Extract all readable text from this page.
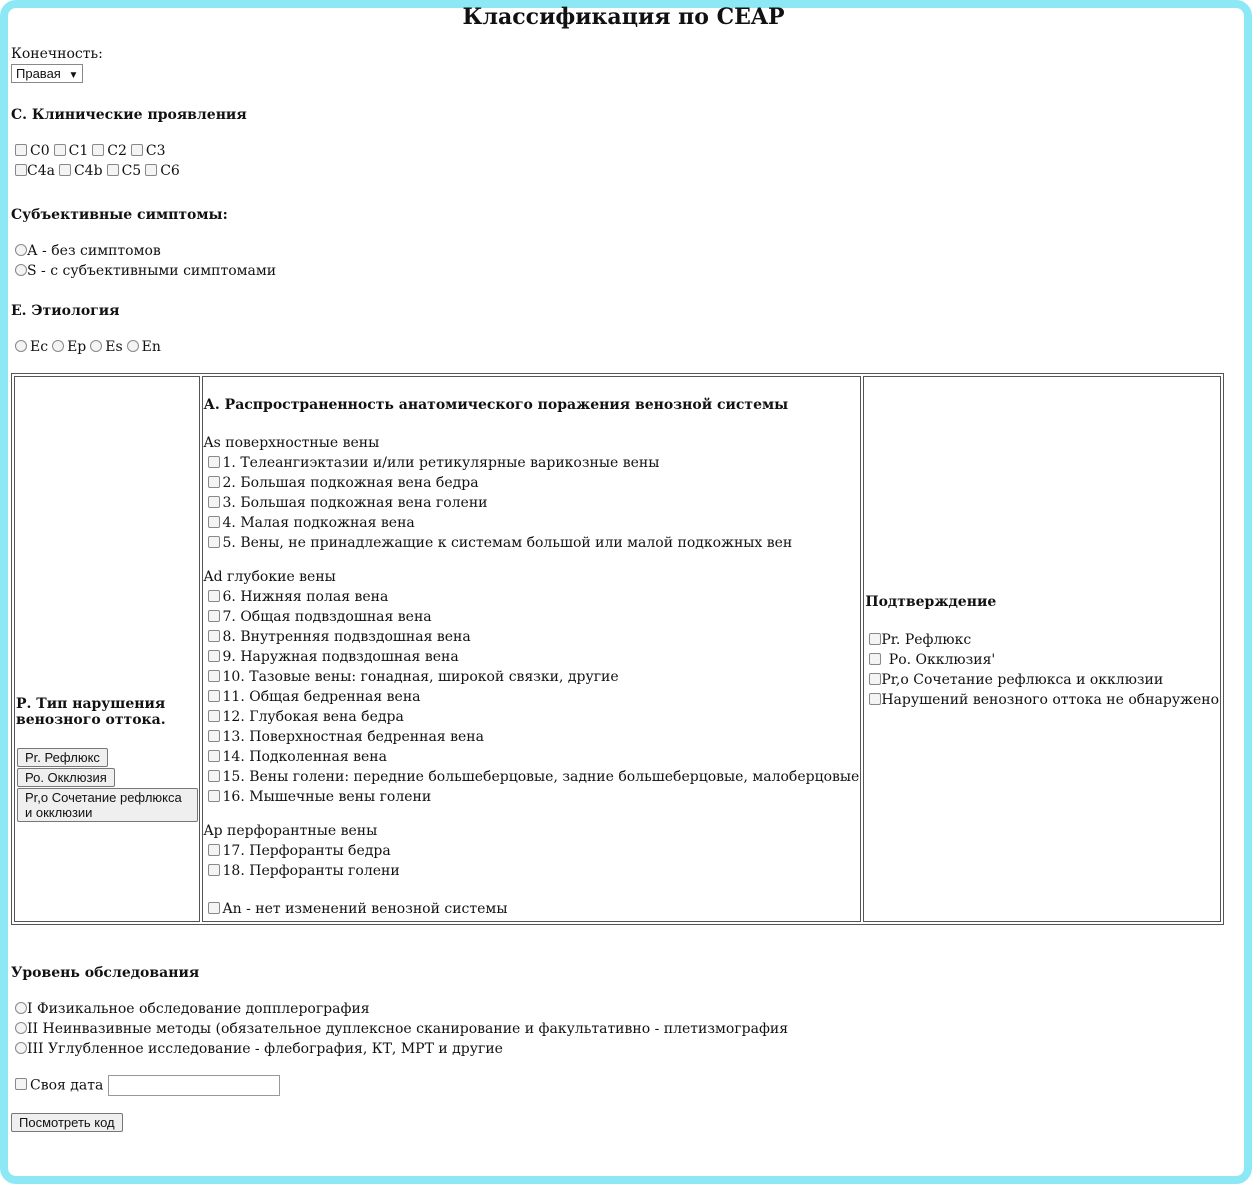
Классификация по CEAP
Конечность:
Правая ▼
С. Клинические проявления
С0 С1 С2 С3
С4a С4b С5 С6
Субъективные симптомы:
А - без симптомов
S - с субъективными симптомами
Е. Этиология
Ec Ep Es En
Р. Тип нарушения венозного оттока.
Pr. Рефлюкс
Ро. Окклюзия
Pr,o Сочетание рефлюкса и окклюзии

А. Распространенность анатомического поражения венозной системы
As поверхностные вены
1. Телеангиэктазии и/или ретикулярные варикозные вены
2. Большая подкожная вена бедра
3. Большая подкожная вена голени
4. Малая подкожная вена
5. Вены, не принадлежащие к системам большой или малой подкожных вен
Ad глубокие вены
6. Нижняя полая вена
7. Общая подвздошная вена
8. Внутренняя подвздошная вена
9. Наружная подвздошная вена
10. Тазовые вены: гонадная, широкой связки, другие
11. Общая бедренная вена
12. Глубокая вена бедра
13. Поверхностная бедренная вена
14. Подколенная вена
15. Вены голени: передние большеберцовые, задние большеберцовые, малоберцовые
16. Мышечные вены голени
Ap перфорантные вены
17. Перфоранты бедра
18. Перфоранты голени
An - нет изменений венозной системы

Подтверждение
Pr. Рефлюкс
Ро. Окклюзия'
Pr,o Сочетание рефлюкса и окклюзии
Нарушений венозного оттока не обнаружено
Уровень обследования
I Физикальное обследование допплерография
II Неинвазивные методы (обязательное дуплексное сканирование и факультативно - плетизмография
III Углубленное исследование - флебография, КТ, МРТ и другие
Своя дата
Посмотреть код
